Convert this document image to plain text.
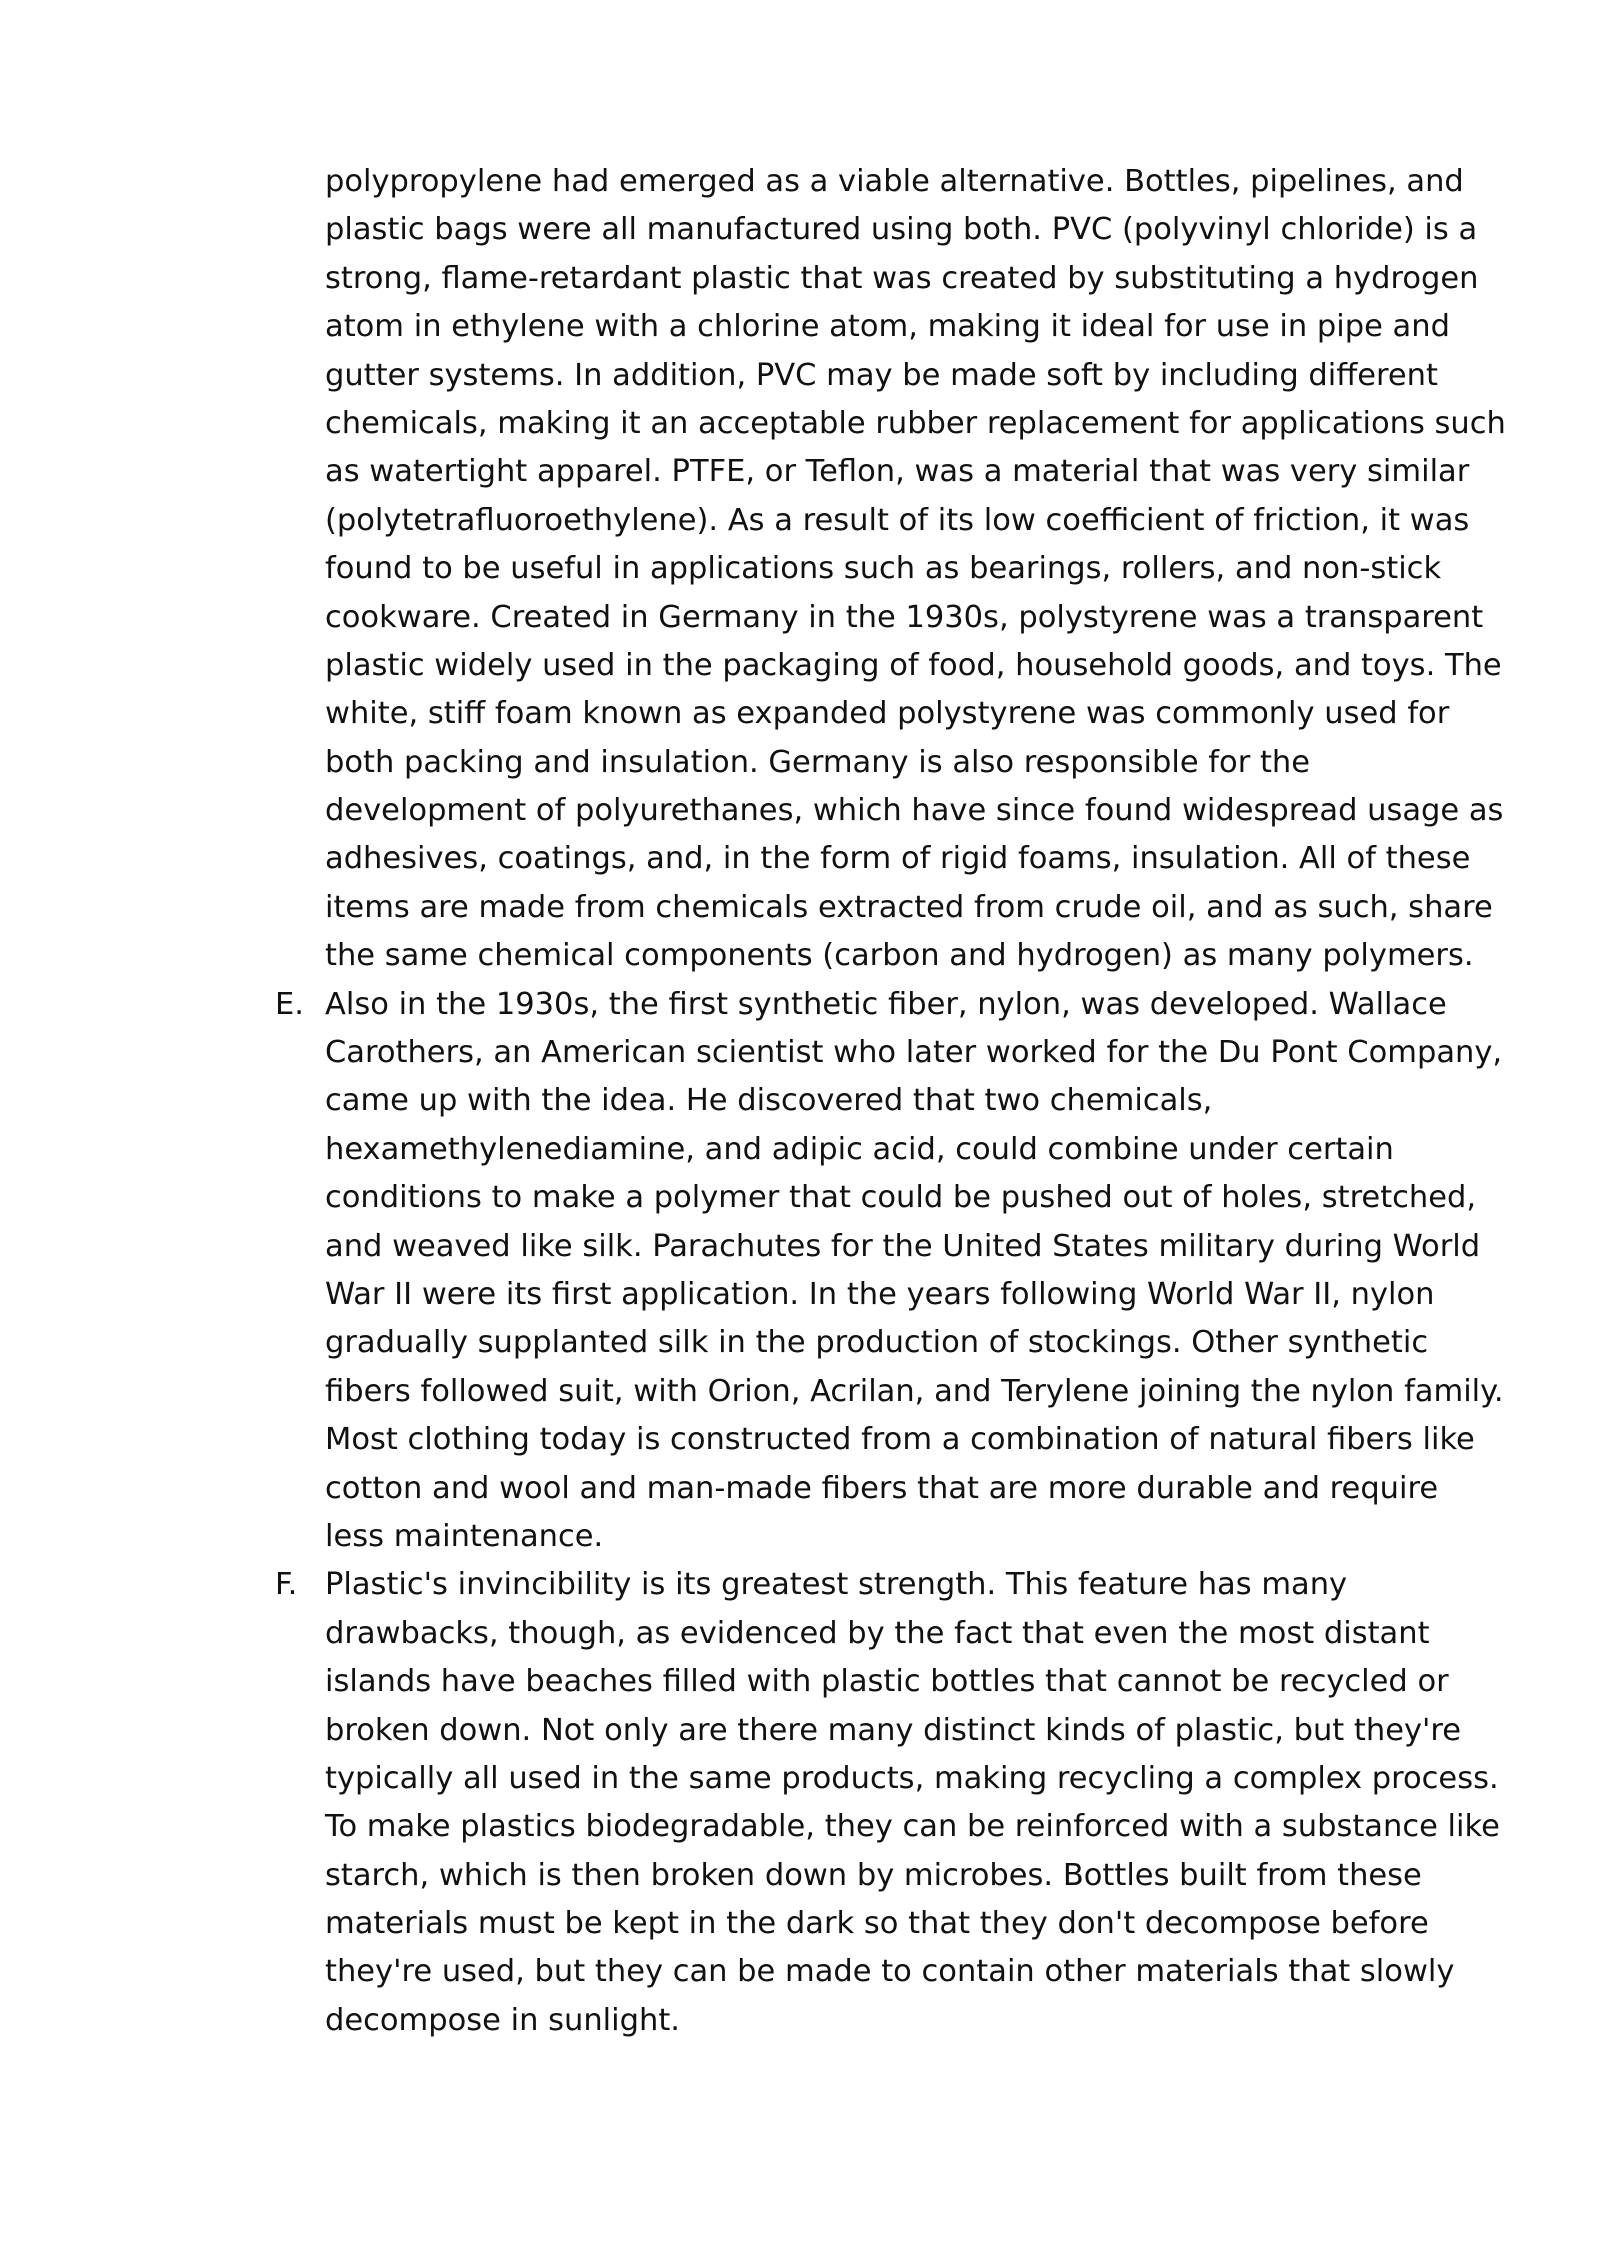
polypropylene had emerged as a viable alternative. Bottles, pipelines, and
plastic bags were all manufactured using both. PVC (polyvinyl chloride) is a
strong, flame-retardant plastic that was created by substituting a hydrogen
atom in ethylene with a chlorine atom, making it ideal for use in pipe and
gutter systems. In addition, PVC may be made soft by including different
chemicals, making it an acceptable rubber replacement for applications such
as watertight apparel. PTFE, or Teflon, was a material that was very similar
(polytetrafluoroethylene). As a result of its low coefficient of friction, it was
found to be useful in applications such as bearings, rollers, and non-stick
cookware. Created in Germany in the 1930s, polystyrene was a transparent
plastic widely used in the packaging of food, household goods, and toys. The
white, stiff foam known as expanded polystyrene was commonly used for
both packing and insulation. Germany is also responsible for the
development of polyurethanes, which have since found widespread usage as
adhesives, coatings, and, in the form of rigid foams, insulation. All of these
items are made from chemicals extracted from crude oil, and as such, share
the same chemical components (carbon and hydrogen) as many polymers.
E. Also in the 1930s, the first synthetic fiber, nylon, was developed. Wallace
Carothers, an American scientist who later worked for the Du Pont Company,
came up with the idea. He discovered that two chemicals,
hexamethylenediamine, and adipic acid, could combine under certain
conditions to make a polymer that could be pushed out of holes, stretched,
and weaved like silk. Parachutes for the United States military during World
War II were its first application. In the years following World War II, nylon
gradually supplanted silk in the production of stockings. Other synthetic
fibers followed suit, with Orion, Acrilan, and Terylene joining the nylon family.
Most clothing today is constructed from a combination of natural fibers like
cotton and wool and man-made fibers that are more durable and require
less maintenance.
F. Plastic's invincibility is its greatest strength. This feature has many
drawbacks, though, as evidenced by the fact that even the most distant
islands have beaches filled with plastic bottles that cannot be recycled or
broken down. Not only are there many distinct kinds of plastic, but they're
typically all used in the same products, making recycling a complex process.
To make plastics biodegradable, they can be reinforced with a substance like
starch, which is then broken down by microbes. Bottles built from these
materials must be kept in the dark so that they don't decompose before
they're used, but they can be made to contain other materials that slowly
decompose in sunlight.
